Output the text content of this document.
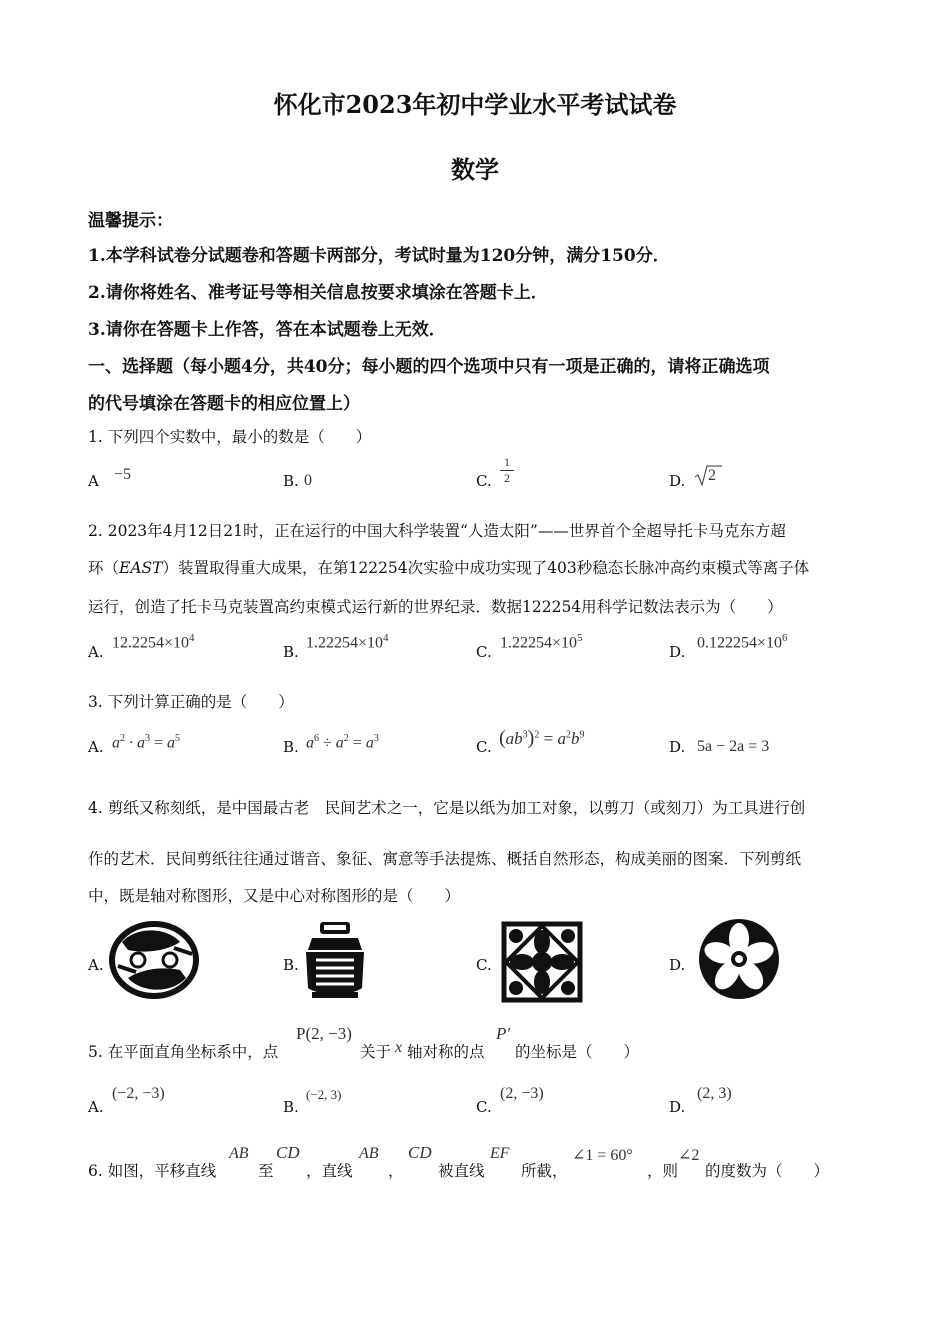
怀化市2023年初中学业水平考试试卷
数学
温馨提示：
1.本学科试卷分试题卷和答题卡两部分，考试时量为120分钟，满分150分．
2.请你将姓名、准考证号等相关信息按要求填涂在答题卡上．
3.请你在答题卡上作答，答在本试题卷上无效．
一、选择题（每小题4分，共40分；每小题的四个选项中只有一项是正确的，请将正确选项
的代号填涂在答题卡的相应位置上）
1. 下列四个实数中，最小的数是（　　）
A −5	B. 0	C.
1
2	D. 2
2. 2023年4月12日21时，正在运行的中国大科学装置“人造太阳”——世界首个全超导托卡马克东方超
环（EAST）装置取得重大成果，在第122254次实验中成功实现了403秒稳态长脉冲高约束模式等离子体
运行，创造了托卡马克装置高约束模式运行新的世界纪录．数据122254用科学记数法表示为（　　）
A.
$12.2254\times 10^4$
B.
$1.22254\times 10^4$
C.
$1.22254\times 10^5$
D.
$0.122254\times 10^6$
3. 下列计算正确的是（　　）
A. $a^2 \cdot a^3 = a^5$	B. $a^6 \div a^2 = a^3$	C. $(ab^3)^2 = a^2b^9$
D. 5a − 2a = 3
4. 剪纸又称刻纸，是中国最古老　民间艺术之一，它是以纸为加工对象，以剪刀（或刻刀）为工具进行创
作的艺术．民间剪纸往往通过谐音、象征、寓意等手法提炼、概括自然形态，构成美丽的图案．下列剪纸
中，既是轴对称图形，又是中心对称图形的是（　　）
A.	B.	C.	D.
5. 在平面直角坐标系中，点
P(2, −3)
关于 x 轴对称的点
P′
的坐标是（　　）
A.
(−2, −3)
B.
(−2, 3)
C.
(2, −3)
D.
(2, 3)
6. 如图，平移直线
AB
至
CD
，直线
AB
，
CD
被直线
EF
所截，
∠1 = 60°
，则
∠2
的度数为（　　）
